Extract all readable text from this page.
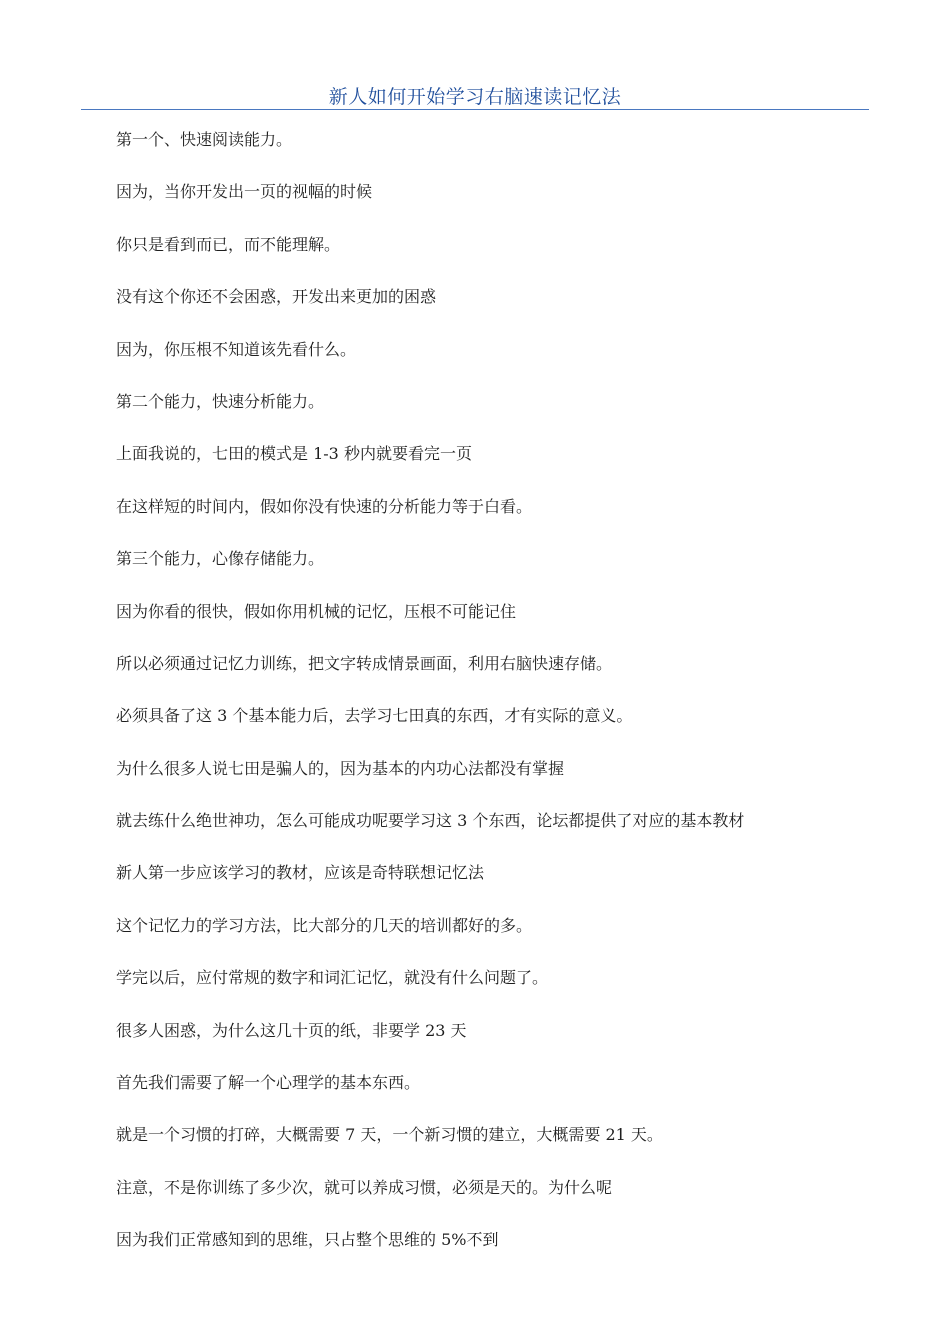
新人如何开始学习右脑速读记忆法
第一个、快速阅读能力。
因为，当你开发出一页的视幅的时候
你只是看到而已，而不能理解。
没有这个你还不会困惑，开发出来更加的困惑
因为，你压根不知道该先看什么。
第二个能力，快速分析能力。
上面我说的，七田的模式是 1-3 秒内就要看完一页
在这样短的时间内，假如你没有快速的分析能力等于白看。
第三个能力，心像存储能力。
因为你看的很快，假如你用机械的记忆，压根不可能记住
所以必须通过记忆力训练，把文字转成情景画面，利用右脑快速存储。
必须具备了这 3 个基本能力后，去学习七田真的东西，才有实际的意义。
为什么很多人说七田是骗人的，因为基本的内功心法都没有掌握
就去练什么绝世神功，怎么可能成功呢要学习这 3 个东西，论坛都提供了对应的基本教材
新人第一步应该学习的教材，应该是奇特联想记忆法
这个记忆力的学习方法，比大部分的几天的培训都好的多。
学完以后，应付常规的数字和词汇记忆，就没有什么问题了。
很多人困惑，为什么这几十页的纸，非要学 23 天
首先我们需要了解一个心理学的基本东西。
就是一个习惯的打碎，大概需要 7 天，一个新习惯的建立，大概需要 21 天。
注意，不是你训练了多少次，就可以养成习惯，必须是天的。为什么呢
因为我们正常感知到的思维，只占整个思维的 5%不到
